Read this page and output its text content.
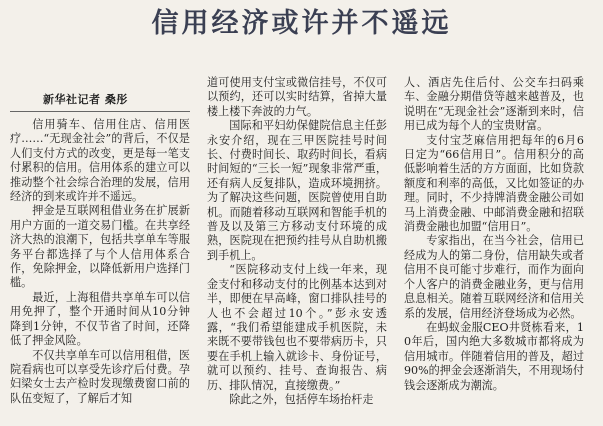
信用经济或许并不遥远
新华社记者 桑彤

信用骑车、信用住店、信用医疗……“无现金社会”的背后，不仅是人们支付方式的改变，更是每一笔支付累积的信用。信用体系的建立可以推动整个社会综合治理的发展，信用经济的到来或许并不遥远。

押金是互联网租借业务在扩展新用户方面的一道交易门槛。在共享经济大热的浪潮下，包括共享单车等服务平台都选择了与个人信用体系合作，免除押金，以降低新用户选择门槛。

最近，上海租借共享单车可以信用免押了，整个开通时间从10分钟降到1分钟，不仅节省了时间，还降低了押金风险。

不仅共享单车可以信用租借，医院看病也可以享受先诊疗后付费。孕妇梁女士去产检时发现缴费窗口前的队伍变短了，了解后才知

道可使用支付宝或微信挂号，不仅可以预约，还可以实时结算，省掉大量楼上楼下奔波的力气。

国际和平妇幼保健院信息主任彭永安介绍，现在三甲医院挂号时间长、付费时间长、取药时间长，看病时间短的“三长一短”现象非常严重，还有病人反复排队，造成环境拥挤。为了解决这些问题，医院曾使用自助机。而随着移动互联网和智能手机的普及以及第三方移动支付环境的成熟，医院现在把预约挂号从自助机搬到手机上。

“医院移动支付上线一年来，现金支付和移动支付的比例基本达到对半，即便在早高峰，窗口排队挂号的人也不会超过10个。”彭永安透露，“我们希望能建成手机医院，未来既不要带钱包也不要带病历卡，只要在手机上输入就诊卡、身份证号，就可以预约、挂号、查询报告、病历、排队情况，直接缴费。”

除此之外，包括停车场抬杆走

人、酒店先住后付、公交车扫码乘车、金融分期借贷等越来越普及，也说明在“无现金社会”逐渐到来时，信用已成为每个人的宝贵财富。

支付宝芝麻信用把每年的6月6日定为“66信用日”。信用积分的高低影响着生活的方方面面，比如贷款额度和利率的高低，又比如签证的办理。同时，不少持牌消费金融公司如马上消费金融、中邮消费金融和招联消费金融也加盟“信用日”。

专家指出，在当今社会，信用已经成为人的第二身份，信用缺失或者信用不良可能寸步难行，而作为面向个人客户的消费金融业务，更与信用息息相关。随着互联网经济和信用关系的发展，信用经济登场成为必然。

在蚂蚁金服CEO井贤栋看来，10年后，国内绝大多数城市都将成为信用城市。伴随着信用的普及，超过90%的押金会逐渐消失，不用现场付钱会逐渐成为潮流。
